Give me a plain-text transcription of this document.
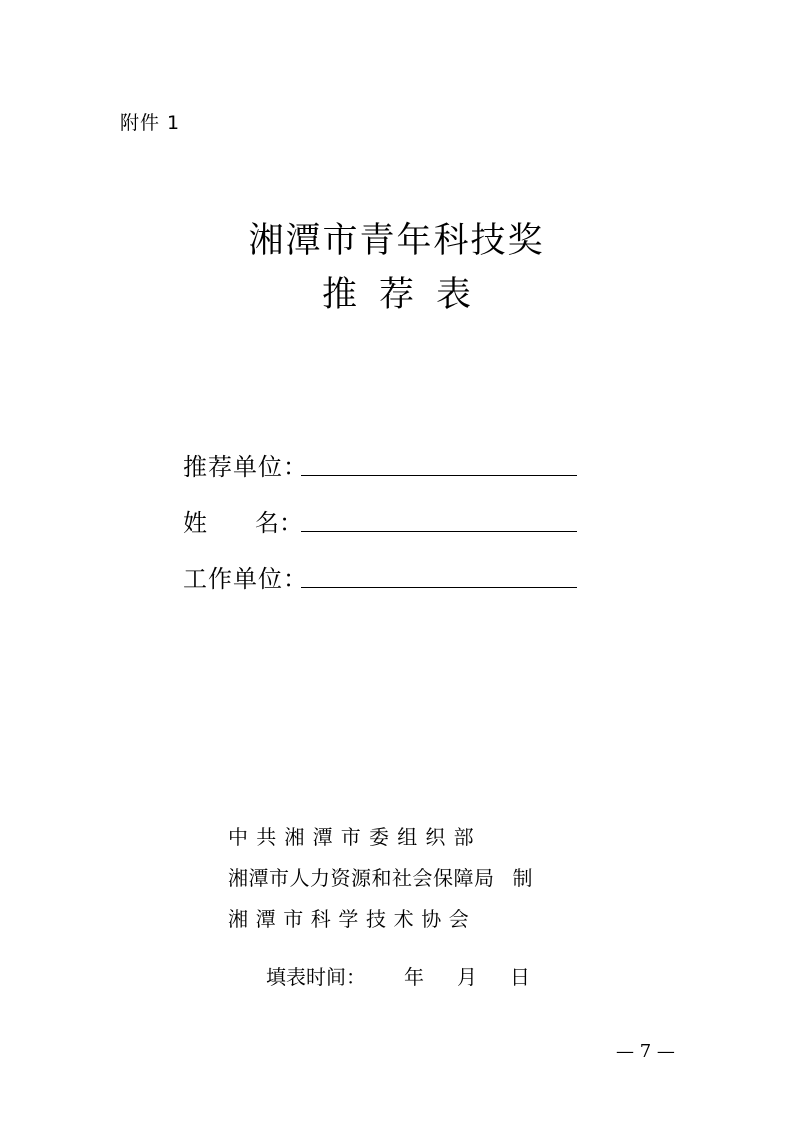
附件 1
湘潭市青年科技奖
推荐表
推荐单位：
姓　　名：
工作单位：
中共湘潭市委组织部
湘潭市人力资源和社会保障局 制
湘潭市科学技术协会
填表时间： 年 月 日
— 7 —
